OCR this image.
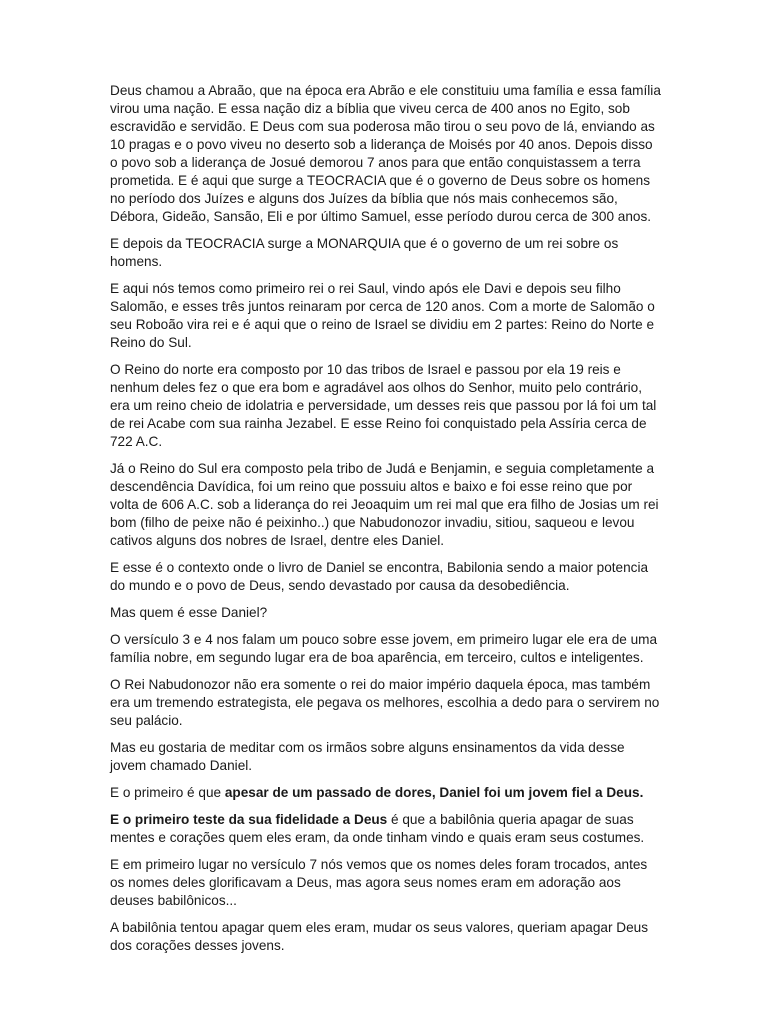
Deus chamou a Abraão, que na época era Abrão e ele constituiu uma família e essa família virou uma nação. E essa nação diz a bíblia que viveu cerca de 400 anos no Egito, sob escravidão e servidão. E Deus com sua poderosa mão tirou o seu povo de lá, enviando as 10 pragas e o povo viveu no deserto sob a liderança de Moisés por 40 anos. Depois disso o povo sob a liderança de Josué demorou 7 anos para que então conquistassem a terra prometida. E é aqui que surge a TEOCRACIA que é o governo de Deus sobre os homens no período dos Juízes e alguns dos Juízes da bíblia que nós mais conhecemos são, Débora, Gideão, Sansão, Eli e por último Samuel, esse período durou cerca de 300 anos.

E depois da TEOCRACIA surge a MONARQUIA que é o governo de um rei sobre os homens.

E aqui nós temos como primeiro rei o rei Saul, vindo após ele Davi e depois seu filho Salomão, e esses três juntos reinaram por cerca de 120 anos. Com a morte de Salomão o seu Roboão vira rei e é aqui que o reino de Israel se dividiu em 2 partes: Reino do Norte e Reino do Sul.

O Reino do norte era composto por 10 das tribos de Israel e passou por ela 19 reis e nenhum deles fez o que era bom e agradável aos olhos do Senhor, muito pelo contrário, era um reino cheio de idolatria e perversidade, um desses reis que passou por lá foi um tal de rei Acabe com sua rainha Jezabel. E esse Reino foi conquistado pela Assíria cerca de 722 A.C.

Já o Reino do Sul era composto pela tribo de Judá e Benjamin, e seguia completamente a descendência Davídica, foi um reino que possuiu altos e baixo e foi esse reino que por volta de 606 A.C. sob a liderança do rei Jeoaquim um rei mal que era filho de Josias um rei bom (filho de peixe não é peixinho..) que Nabudonozor invadiu, sitiou, saqueou e levou cativos alguns dos nobres de Israel, dentre eles Daniel.

E esse é o contexto onde o livro de Daniel se encontra, Babilonia sendo a maior potencia do mundo e o povo de Deus, sendo devastado por causa da desobediência.

Mas quem é esse Daniel?

O versículo 3 e 4 nos falam um pouco sobre esse jovem, em primeiro lugar ele era de uma família nobre, em segundo lugar era de boa aparência, em terceiro, cultos e inteligentes.

O Rei Nabudonozor não era somente o rei do maior império daquela época, mas também era um tremendo estrategista, ele pegava os melhores, escolhia a dedo para o servirem no seu palácio.

Mas eu gostaria de meditar com os irmãos sobre alguns ensinamentos da vida desse jovem chamado Daniel.

E o primeiro é que apesar de um passado de dores, Daniel foi um jovem fiel a Deus.

E o primeiro teste da sua fidelidade a Deus é que a babilônia queria apagar de suas mentes e corações quem eles eram, da onde tinham vindo e quais eram seus costumes.

E em primeiro lugar no versículo 7 nós vemos que os nomes deles foram trocados, antes os nomes deles glorificavam a Deus, mas agora seus nomes eram em adoração aos deuses babilônicos...

A babilônia tentou apagar quem eles eram, mudar os seus valores, queriam apagar Deus dos corações desses jovens.
